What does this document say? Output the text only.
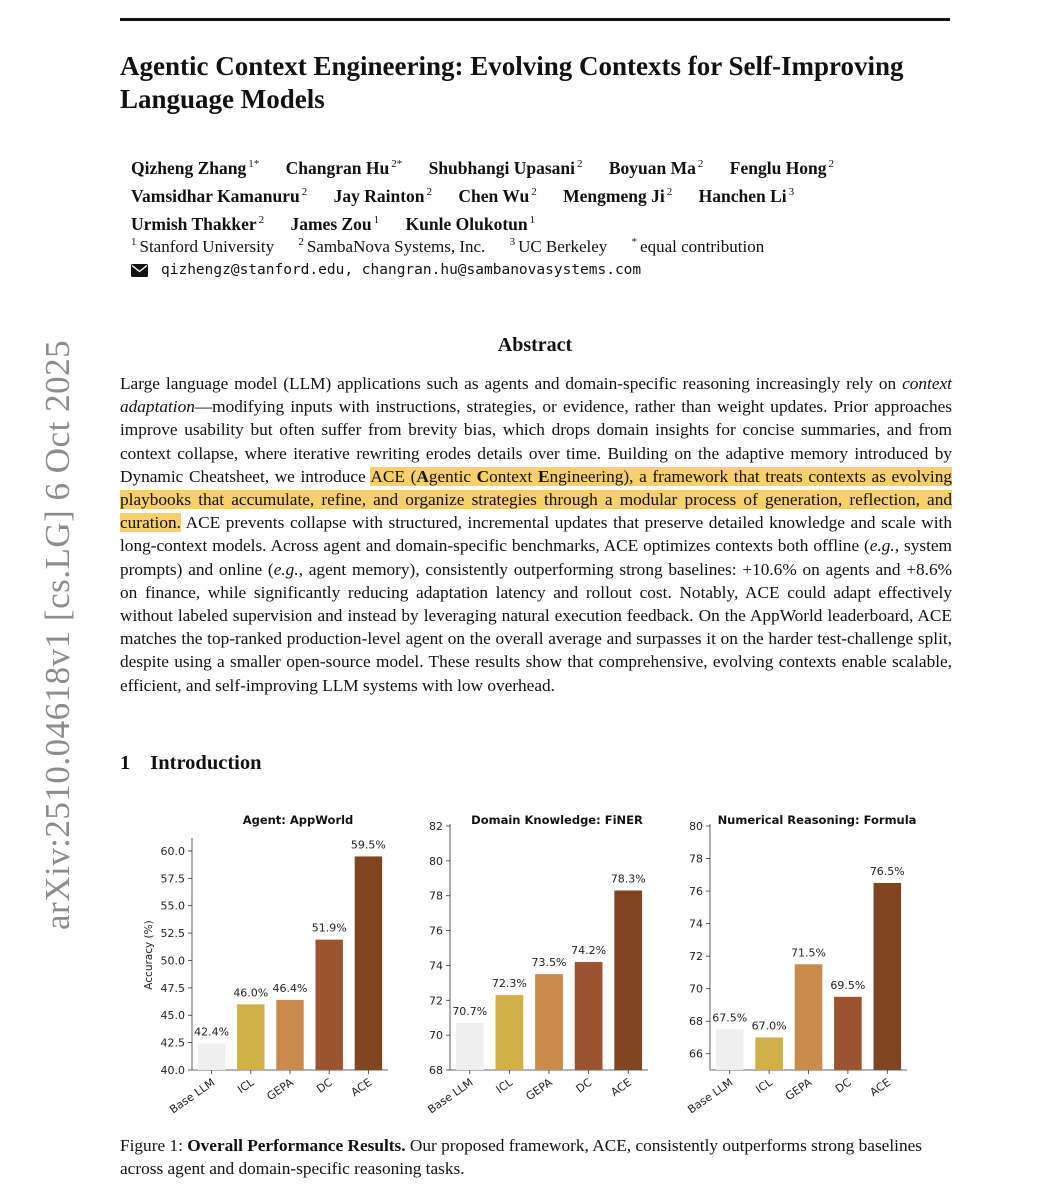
Agentic Context Engineering: Evolving Contexts for Self-Improving Language Models
Qizheng Zhang $^{1*}$ Changran Hu $^{2*}$ Shubhangi Upasani $^2$ Boyuan Ma $^2$ Fenglu Hong $^2$
Vamsidhar Kamanuru $^2$ Jay Rainton $^2$ Chen Wu $^2$ Mengmeng Ji $^2$ Hanchen Li $^3$
Urmish Thakker $^2$ James Zou $^1$ Kunle Olukotun $^1$
$^1$ Stanford University $^2$ SambaNova Systems, Inc. $^3$ UC Berkeley * equal contribution
qizhengz@stanford.edu, changran.hu@sambanovasystems.com
arXiv:2510.04618v1 [cs.LG] 6 Oct 2025	Abstract

Large language model (LLM) applications such as agents and domain-specific reasoning increasingly rely on context adaptation—modifying inputs with instructions, strategies, or evidence, rather than weight updates. Prior approaches improve usability but often suffer from brevity bias, which drops domain insights for concise summaries, and from context collapse, where iterative rewriting erodes details over time. Building on the adaptive memory introduced by Dynamic Cheatsheet, we introduce ACE (Agentic Context Engineering), a framework that treats contexts as evolving playbooks that accumulate, refine, and organize strategies through a modular process of generation, reflection, and curation. ACE prevents collapse with structured, incremental updates that preserve detailed knowledge and scale with long-context models. Across agent and domain-specific benchmarks, ACE optimizes contexts both offline (e.g., system prompts) and online (e.g., agent memory), consistently outperforming strong baselines: +10.6% on agents and +8.6% on finance, while significantly reducing adaptation latency and rollout cost. Notably, ACE could adapt effectively without labeled supervision and instead by leveraging natural execution feedback. On the AppWorld leaderboard, ACE matches the top-ranked production-level agent on the overall average and surpasses it on the harder test-challenge split, despite using a smaller open-source model. These results show that comprehensive, evolving contexts enable scalable, efficient, and self-improving LLM systems with low overhead.

1 Introduction
Agent: AppWorld
40.0
42.5
45.0
47.5
50.0
52.5
55.0
57.5
60.0
Accuracy (%)
42.4%
Base LLM
46.0%
ICL
46.4%
GEPA
51.9%
DC
59.5%
ACE
Domain Knowledge: FiNER
68
70
72
74
76
78
80
82
70.7%
Base LLM
72.3%
ICL
73.5%
GEPA
74.2%
DC
78.3%
ACE
Numerical Reasoning: Formula
66
68
70
72
74
76
78
80
67.5%
Base LLM
67.0%
ICL
71.5%
GEPA
69.5%
DC
76.5%
ACE

Figure 1: Overall Performance Results. Our proposed framework, ACE, consistently outperforms strong baselines across agent and domain-specific reasoning tasks.
